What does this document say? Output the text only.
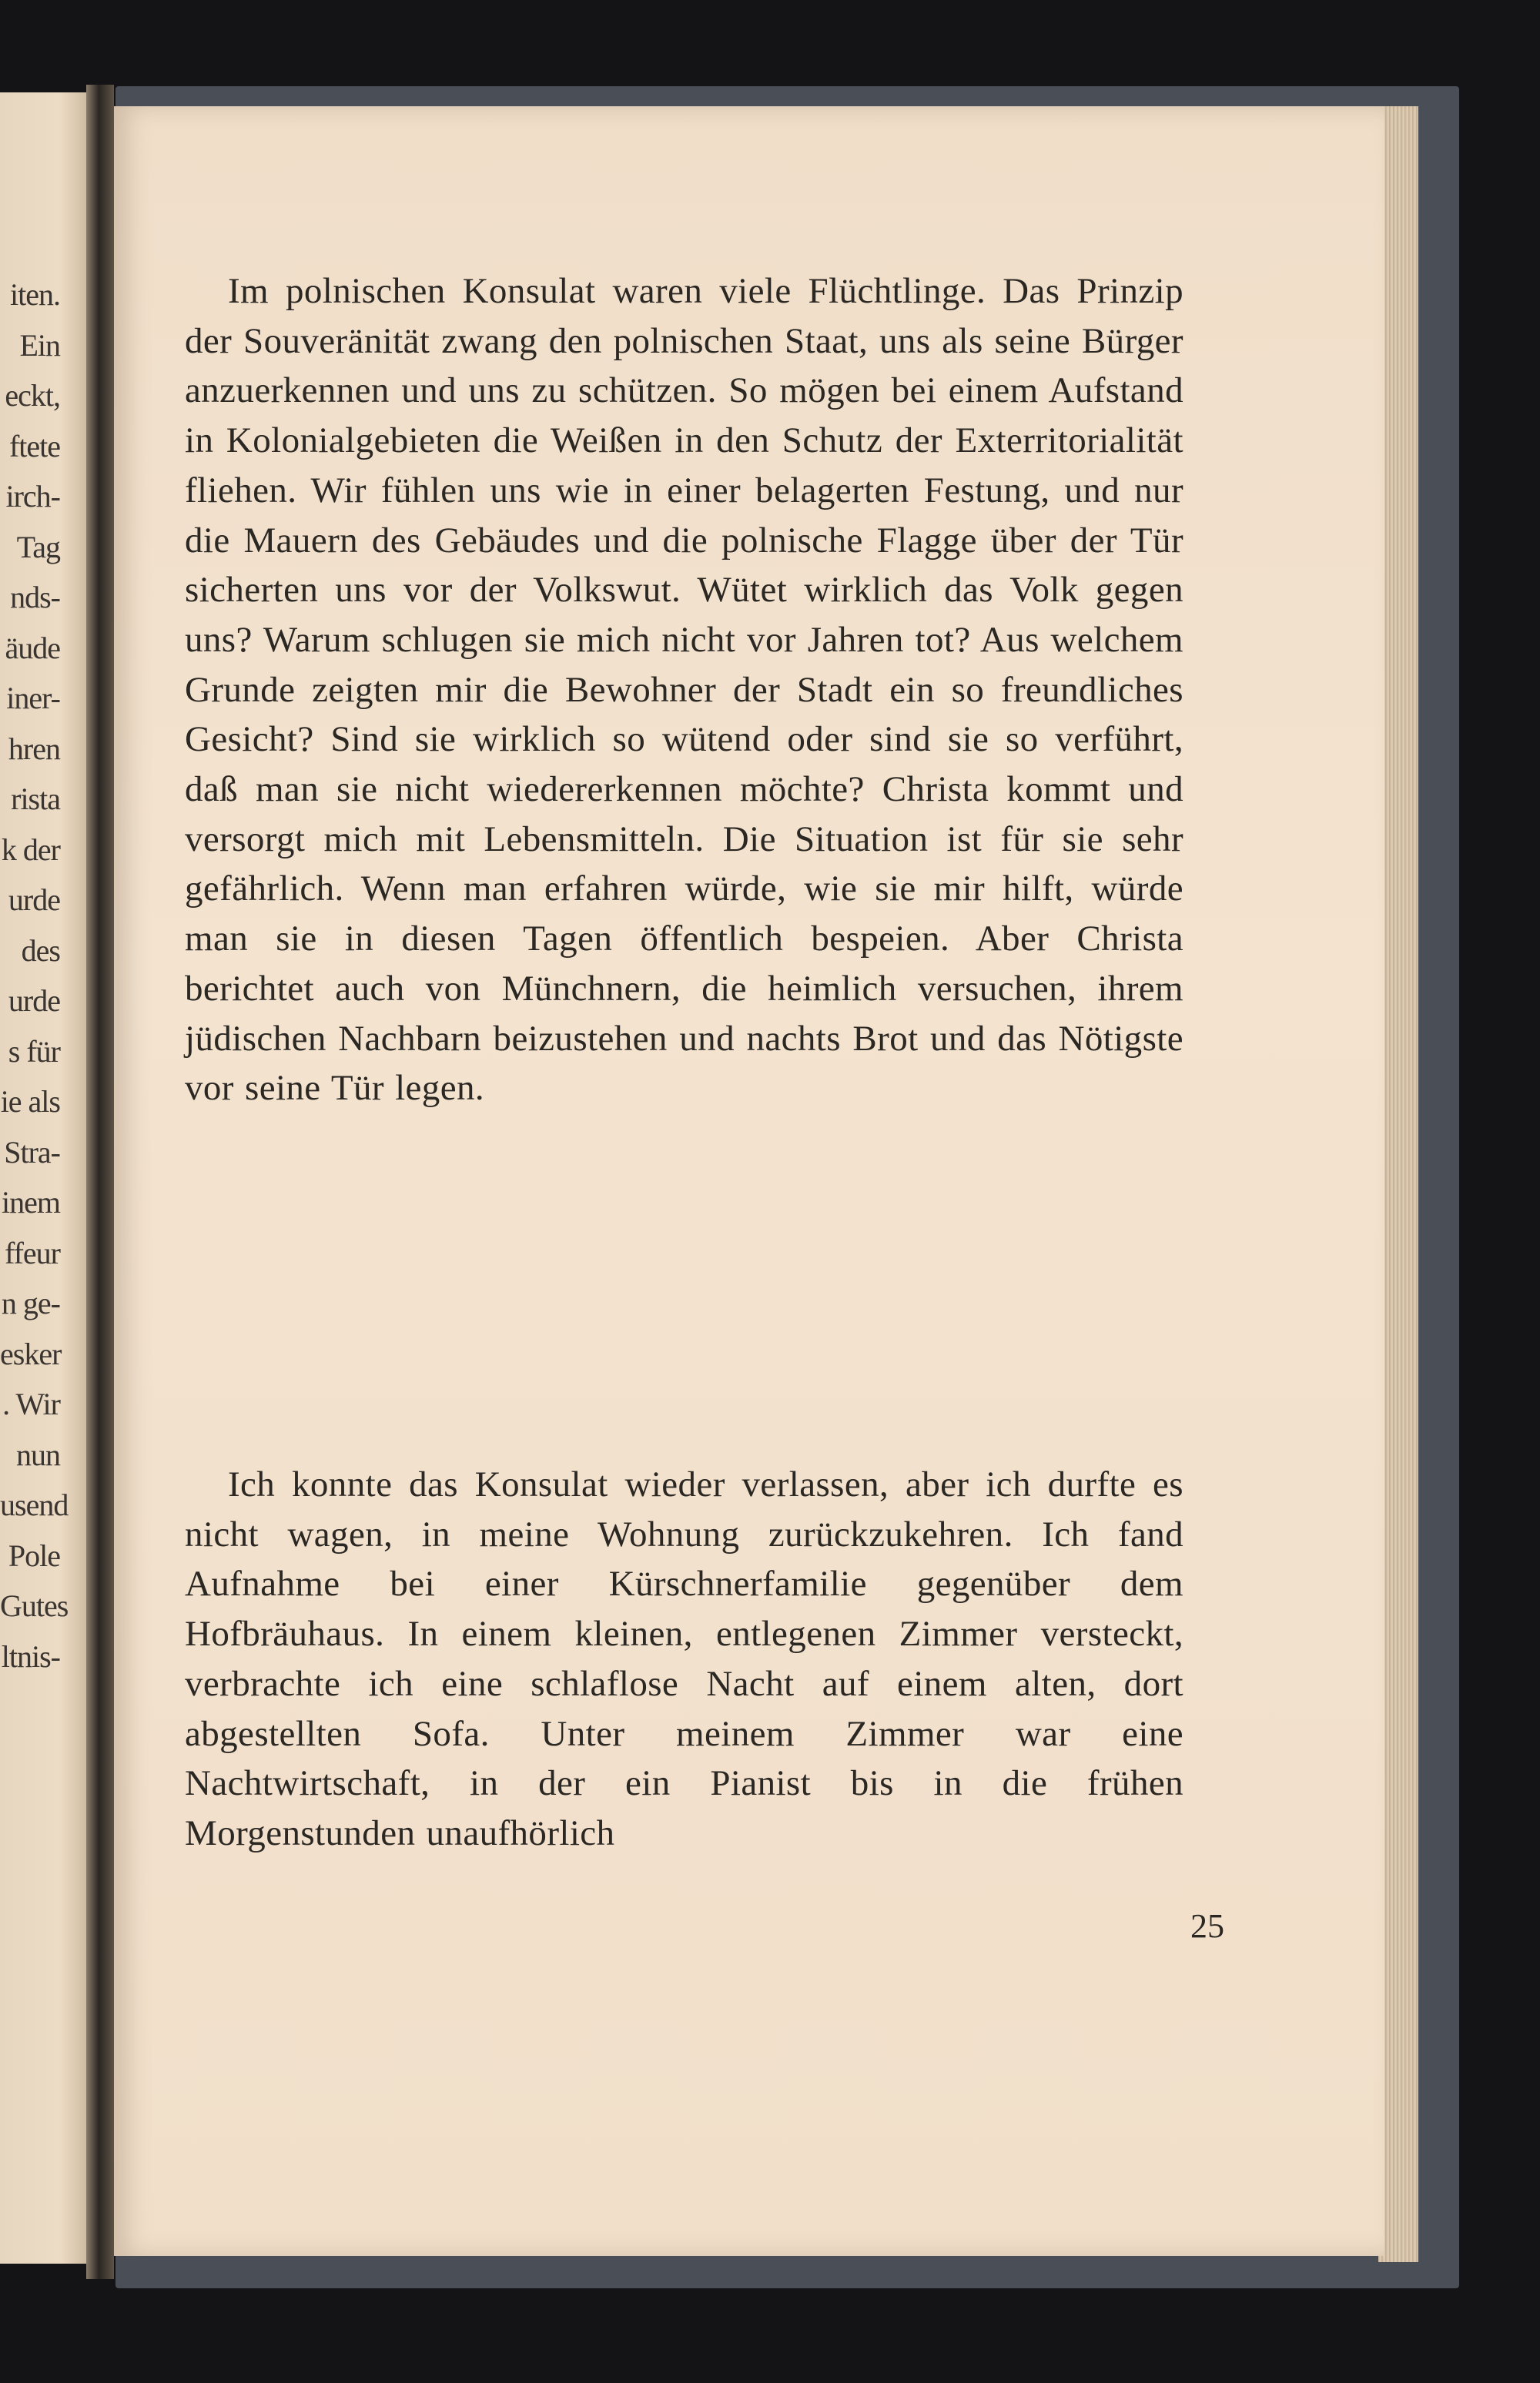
iten.
Ein
eckt,
ftete
irch-
Tag
nds-
äude
iner-
hren
rista
k der
urde
des
urde
s für
ie als
Stra-
inem
ffeur
n ge-
esker
. Wir
nun
usend
Pole
Gutes
ltnis-

Im polnischen Konsulat waren viele Flüchtlinge. Das Prinzip der Souveränität zwang den polnischen Staat, uns als seine Bürger anzuerkennen und uns zu schützen. So mögen bei einem Aufstand in Kolonialgebieten die Weißen in den Schutz der Exterritorialität fliehen. Wir fühlen uns wie in einer belagerten Festung, und nur die Mauern des Gebäudes und die polnische Flagge über der Tür sicherten uns vor der Volkswut. Wütet wirklich das Volk gegen uns? Warum schlugen sie mich nicht vor Jahren tot? Aus welchem Grunde zeigten mir die Bewohner der Stadt ein so freundliches Gesicht? Sind sie wirklich so wütend oder sind sie so verführt, daß man sie nicht wiedererkennen möchte? Christa kommt und versorgt mich mit Lebensmitteln. Die Situation ist für sie sehr gefährlich. Wenn man erfahren würde, wie sie mir hilft, würde man sie in diesen Tagen öffentlich bespeien. Aber Christa berichtet auch von Münchnern, die heimlich versuchen, ihrem jüdischen Nachbarn beizustehen und nachts Brot und das Nötigste vor seine Tür legen.

Ich konnte das Konsulat wieder verlassen, aber ich durfte es nicht wagen, in meine Wohnung zurückzukehren. Ich fand Aufnahme bei einer Kürschnerfamilie gegenüber dem Hofbräuhaus. In einem kleinen, entlegenen Zimmer versteckt, verbrachte ich eine schlaflose Nacht auf einem alten, dort abgestellten Sofa. Unter meinem Zimmer war eine Nachtwirtschaft, in der ein Pianist bis in die frühen Morgenstunden unaufhörlich

25
